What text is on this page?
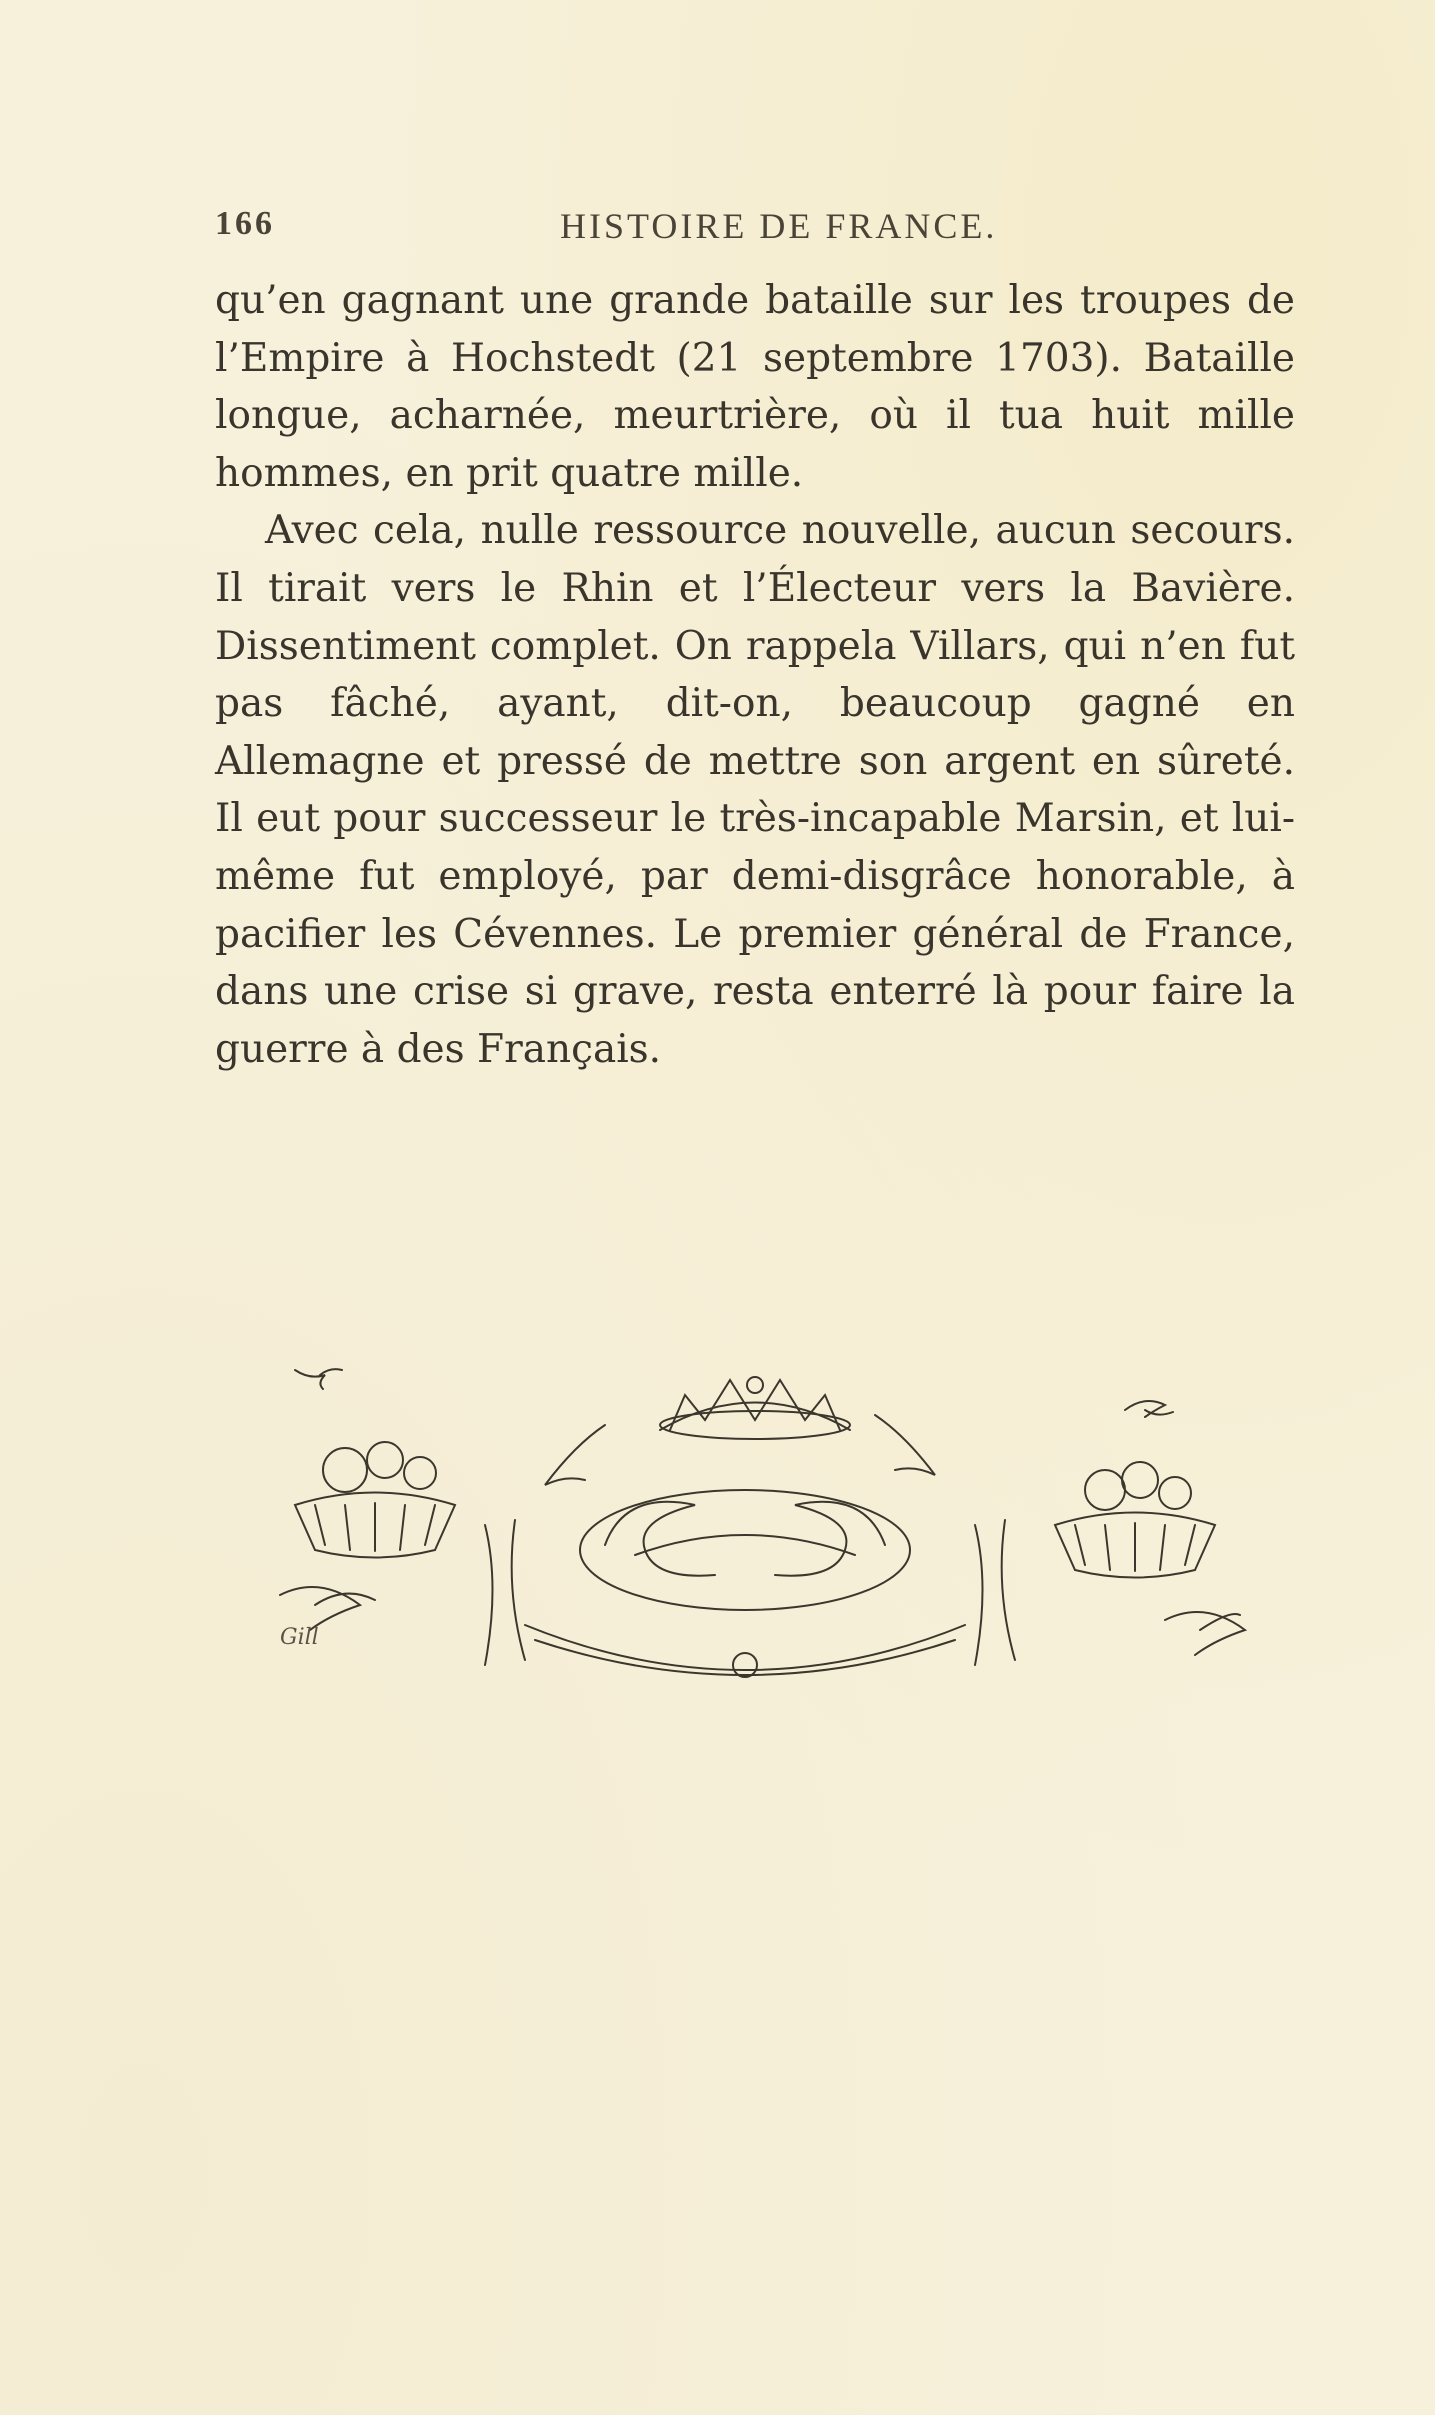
166	HISTOIRE DE FRANCE.

qu’en gagnant une grande bataille sur les troupes de l’Empire à Hochstedt (21 septembre 1703). Bataille longue, acharnée, meurtrière, où il tua huit mille hommes, en prit quatre mille.

Avec cela, nulle ressource nouvelle, aucun secours. Il tirait vers le Rhin et l’Électeur vers la Bavière. Dissentiment complet. On rappela Villars, qui n’en fut pas fâché, ayant, dit-on, beaucoup gagné en Allemagne et pressé de mettre son argent en sûreté. Il eut pour successeur le très-incapable Marsin, et lui-même fut employé, par demi-disgrâce honorable, à pacifier les Cévennes. Le premier général de France, dans une crise si grave, resta enterré là pour faire la guerre à des Français.

Gill
